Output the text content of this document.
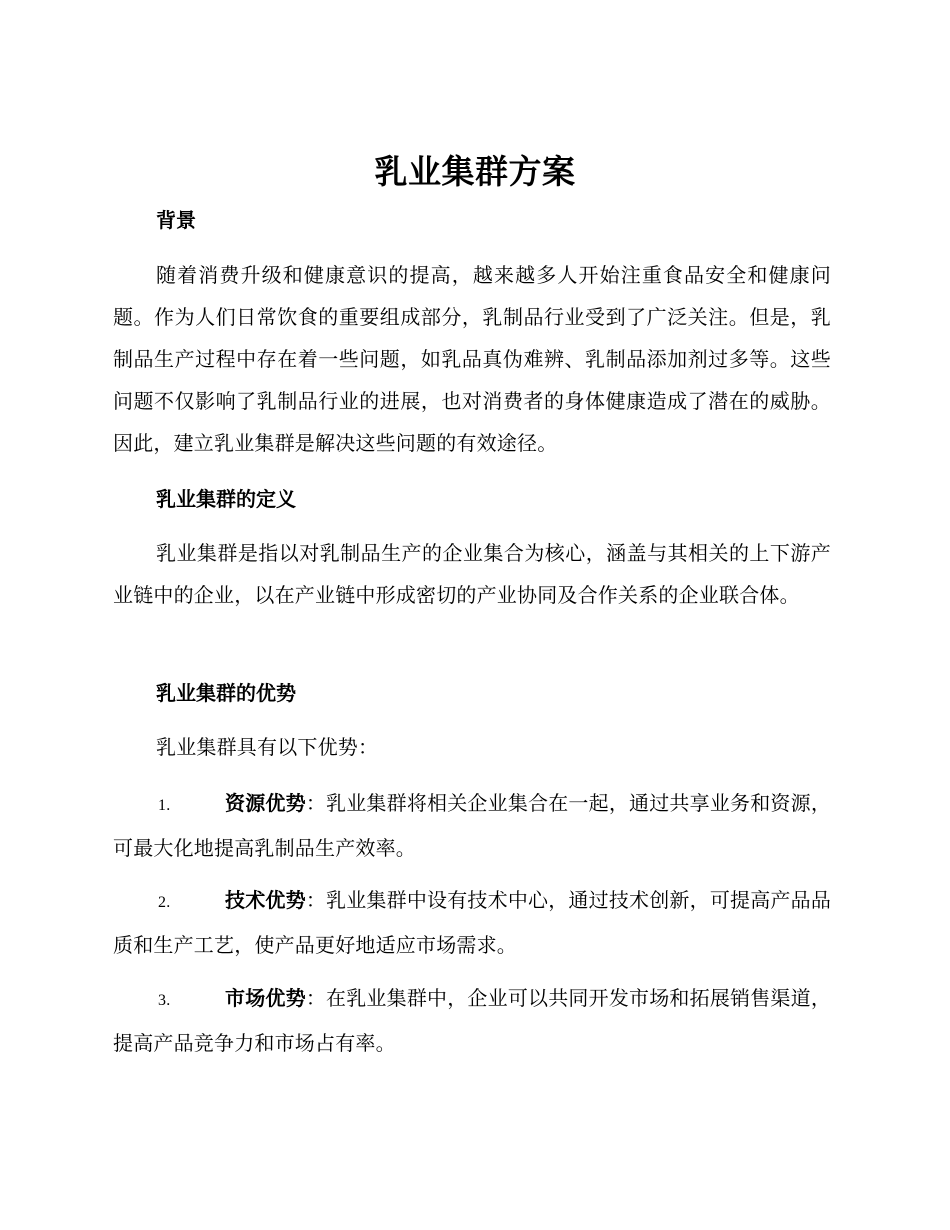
乳业集群方案
背景
随着消费升级和健康意识的提高，越来越多人开始注重食品安全和健康问题。作为人们日常饮食的重要组成部分，乳制品行业受到了广泛关注。但是，乳制品生产过程中存在着一些问题，如乳品真伪难辨、乳制品添加剂过多等。这些问题不仅影响了乳制品行业的进展，也对消费者的身体健康造成了潜在的威胁。因此，建立乳业集群是解决这些问题的有效途径。
乳业集群的定义
乳业集群是指以对乳制品生产的企业集合为核心，涵盖与其相关的上下游产业链中的企业，以在产业链中形成密切的产业协同及合作关系的企业联合体。
乳业集群的优势
乳业集群具有以下优势：
1.	资源优势：乳业集群将相关企业集合在一起，通过共享业务和资源，可最大化地提高乳制品生产效率。
2.	技术优势：乳业集群中设有技术中心，通过技术创新，可提高产品品质和生产工艺，使产品更好地适应市场需求。
3.	市场优势：在乳业集群中，企业可以共同开发市场和拓展销售渠道，提高产品竞争力和市场占有率。
